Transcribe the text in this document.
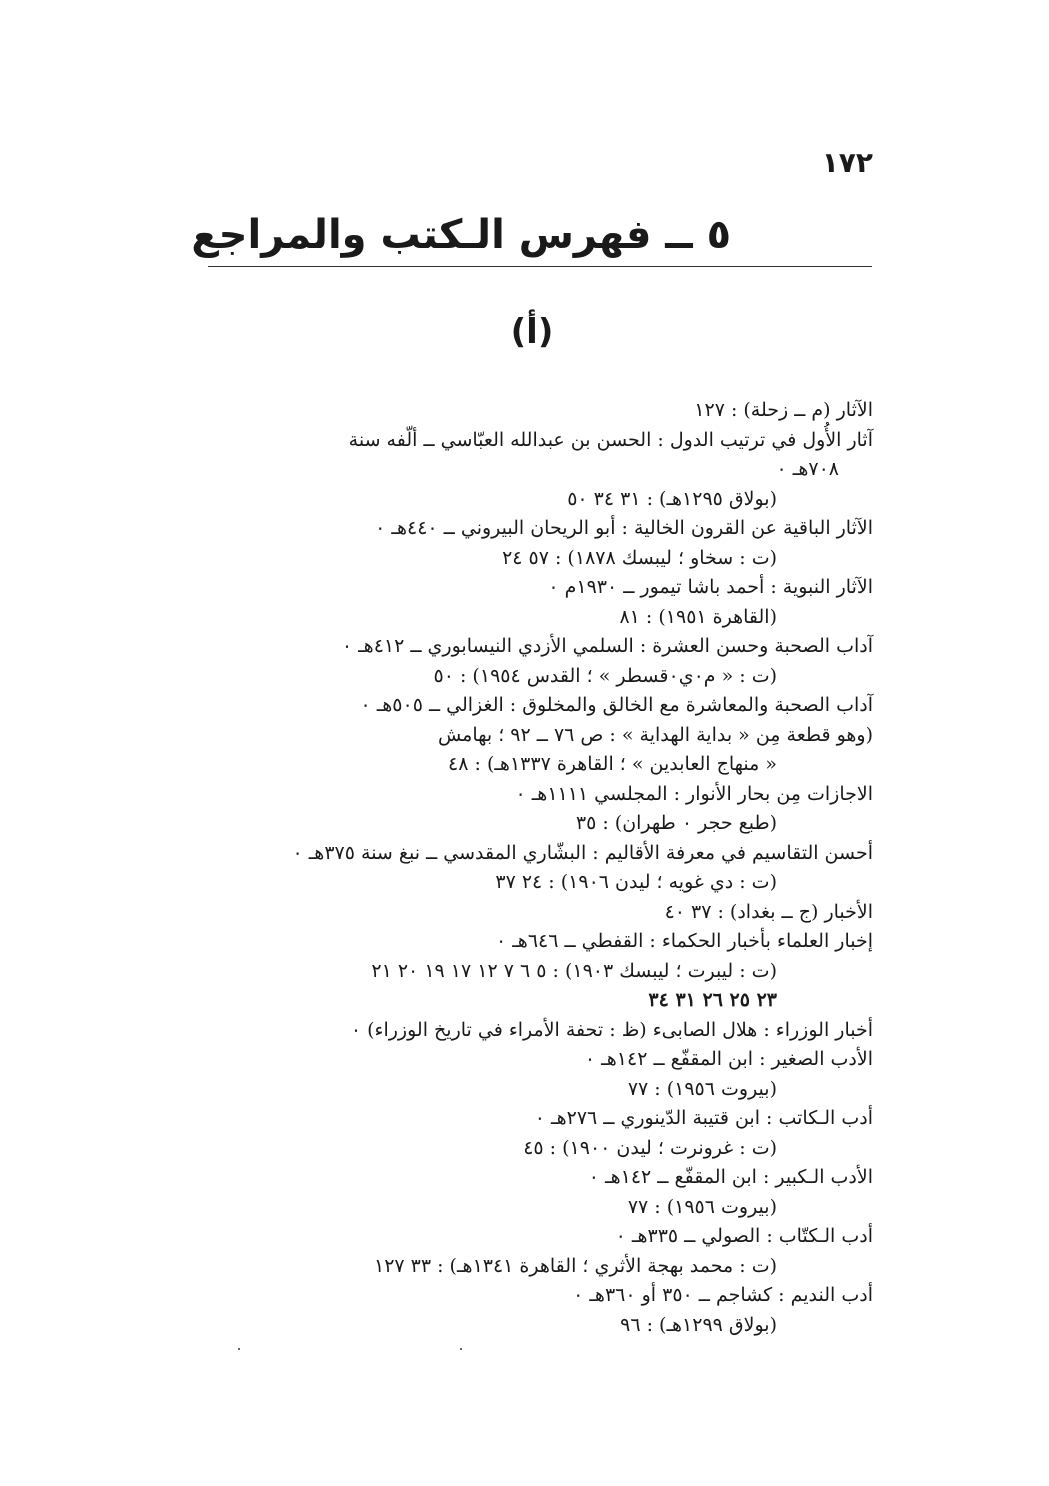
١٧٢
٥ ــ فهرس الـكتب والمراجع
(أ)
الآثار (م ــ زحلة) : ١٢٧
آثار الأُول في ترتيب الدول : الحسن بن عبدالله العبّاسي ــ ألّفه سنة
٧٠٨هـ ٠
(بولاق ١٢٩٥هـ) : ٣١ ٣٤ ٥٠
الآثار الباقية عن القرون الخالية : أبو الريحان البيروني ــ ٤٤٠هـ ٠
(ت : سخاو ؛ ليبسك ١٨٧٨) : ٥٧ ٢٤
الآثار النبوية : أحمد باشا تيمور ــ ١٩٣٠م ٠
(القاهرة ١٩٥١) : ٨١
آداب الصحبة وحسن العشرة : السلمي الأزدي النيسابوري ــ ٤١٢هـ ٠
(ت : « م٠ي٠قسطر » ؛ القدس ١٩٥٤) : ٥٠
آداب الصحبة والمعاشرة مع الخالق والمخلوق : الغزالي ــ ٥٠٥هـ ٠
(وهو قطعة مِن « بداية الهداية » : ص ٧٦ ــ ٩٢ ؛ بهامش
« منهاج العابدين » ؛ القاهرة ١٣٣٧هـ) : ٤٨
الاجازات مِن بحار الأنوار : المجلسي ١١١١هـ ٠
(طبع حجر ٠ طهران) : ٣٥
أحسن التقاسيم في معرفة الأقاليم : البشّاري المقدسي ــ نبغ سنة ٣٧٥هـ ٠
(ت : دي غويه ؛ ليدن ١٩٠٦) : ٢٤ ٣٧
الأخبار (ج ــ بغداد) : ٣٧ ٤٠
إخبار العلماء بأخبار الحكماء : القفطي ــ ٦٤٦هـ ٠
(ت : ليبرت ؛ ليبسك ١٩٠٣) : ٥ ٦ ٧ ١٢ ١٧ ١٩ ٢٠ ٢١
٢٣ ٢٥ ٢٦ ٣١ ٣٤
أخبار الوزراء : هلال الصابىء (ظ : تحفة الأمراء في تاريخ الوزراء) ٠
الأدب الصغير : ابن المقفّع ــ ١٤٢هـ ٠
(بيروت ١٩٥٦) : ٧٧
أدب الـكاتب : ابن قتيبة الدّينوري ــ ٢٧٦هـ ٠
(ت : غرونرت ؛ ليدن ١٩٠٠) : ٤٥
الأدب الـكبير : ابن المقفّع ــ ١٤٢هـ ٠
(بيروت ١٩٥٦) : ٧٧
أدب الـكتّاب : الصولي ــ ٣٣٥هـ ٠
(ت : محمد بهجة الأثري ؛ القاهرة ١٣٤١هـ) : ٣٣ ١٢٧
أدب النديم : كشاجم ــ ٣٥٠ أو ٣٦٠هـ ٠
(بولاق ١٢٩٩هـ) : ٩٦
